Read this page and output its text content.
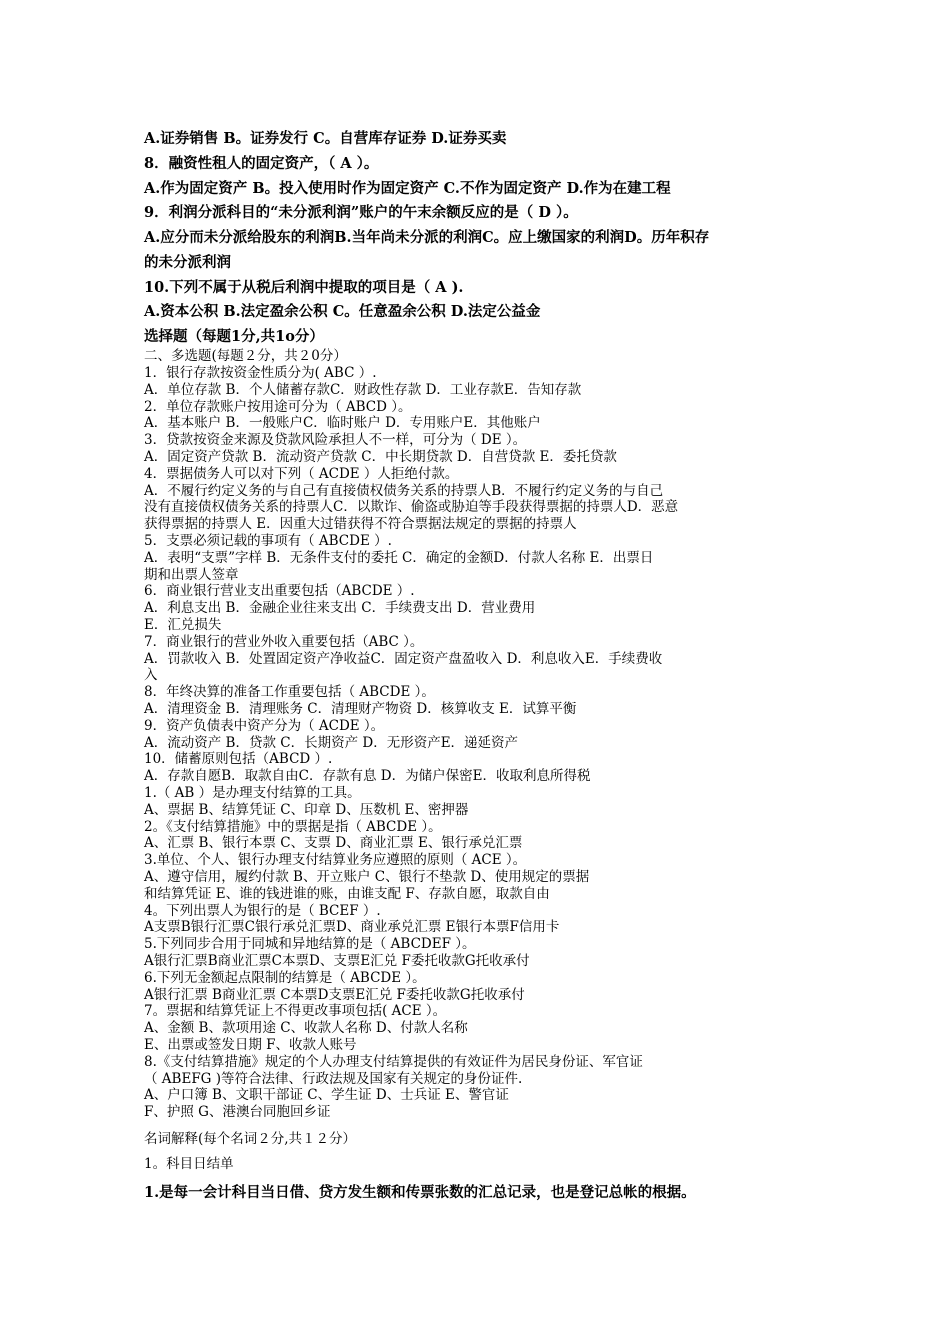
A.证券销售 B。证券发行 C。自营库存证券 D.证券买卖
8．融资性租人的固定资产，（ A ）。
A.作为固定资产 B。投入使用时作为固定资产 C.不作为固定资产 D.作为在建工程
9．利润分派科目的“未分派利润”账户的午末余额反应的是（ D ）。
A.应分而未分派给股东的利润B.当年尚未分派的利润C。应上缴国家的利润D。历年积存
的未分派利润
10.下列不属于从税后利润中提取的项目是（ A ).
A.资本公积 B.法定盈余公积 C。任意盈余公积 D.法定公益金
选择题（每题1分,共1o分）
二、多选题(每题２分，共２0分）
1．银行存款按资金性质分为( ABC ）.
A．单位存款 B．个人储蓄存款C．财政性存款 D．工业存款E．告知存款
2．单位存款账户按用途可分为（ ABCD ）。
A．基本账户 B．一般账户C．临时账户 D．专用账户E．其他账户
3．贷款按资金来源及贷款风险承担人不一样，可分为（ DE ）。
A．固定资产贷款 B．流动资产贷款 C．中长期贷款 D．自营贷款 E．委托贷款
4．票据债务人可以对下列（ ACDE ）人拒绝付款。
A．不履行约定义务的与自己有直接债权债务关系的持票人B．不履行约定义务的与自己
没有直接债权债务关系的持票人C．以欺诈、偷盗或胁迫等手段获得票据的持票人D．恶意
获得票据的持票人 E．因重大过错获得不符合票据法规定的票据的持票人
5．支票必须记载的事项有（ ABCDE ）.
A．表明“支票”字样 B．无条件支付的委托 C．确定的金额D．付款人名称 E．出票日
期和出票人签章
6．商业银行营业支出重要包括（ABCDE ）.
A．利息支出 B．金融企业往来支出 C．手续费支出 D．营业费用
E．汇兑损失
7．商业银行的营业外收入重要包括（ABC ）。
A．罚款收入 B．处置固定资产净收益C．固定资产盘盈收入 D．利息收入E．手续费收
入
8．年终决算的准备工作重要包括（ ABCDE ）。
A．清理资金 B．清理账务 C．清理财产物资 D．核算收支 E．试算平衡
9．资产负债表中资产分为（ ACDE ）。
A．流动资产 B．贷款 C．长期资产 D．无形资产E．递延资产
10．储蓄原则包括（ABCD ）.
A．存款自愿B．取款自由C．存款有息 D．为储户保密E．收取利息所得税
1.（ AB ）是办理支付结算的工具。
A、票据 B、结算凭证 C、印章 D、压数机 E、密押器
2。《支付结算措施》中的票据是指（ ABCDE ）。
A、汇票 B、银行本票 C、支票 D、商业汇票 E、银行承兑汇票
3.单位、个人、银行办理支付结算业务应遵照的原则（ ACE ）。
A、遵守信用，履约付款 B、开立账户 C、银行不垫款 D、使用规定的票据
和结算凭证 E、谁的钱进谁的账，由谁支配 F、存款自愿，取款自由
4。下列出票人为银行的是（ BCEF ）.
A支票B银行汇票C银行承兑汇票D、商业承兑汇票 E银行本票F信用卡
5.下列同步合用于同城和异地结算的是（ ABCDEF ）。
A银行汇票B商业汇票C本票D、支票E汇兑 F委托收款G托收承付
6.下列无金额起点限制的结算是（ ABCDE ）。
A银行汇票 B商业汇票 C本票D支票E汇兑 F委托收款G托收承付
7。票据和结算凭证上不得更改事项包括( ACE ）。
A、金额 B、款项用途 C、收款人名称 D、付款人名称
E、出票或签发日期 F、收款人账号
8.《支付结算措施》规定的个人办理支付结算提供的有效证件为居民身份证、军官证
（ ABEFG )等符合法律、行政法规及国家有关规定的身份证件.
A、户口簿 B、文职干部证 C、学生证 D、士兵证 E、警官证
F、护照 G、港澳台同胞回乡证
名词解释(每个名词２分,共１２分）
1。科目日结单
1.是每一会计科目当日借、贷方发生额和传票张数的汇总记录，也是登记总帐的根据。
